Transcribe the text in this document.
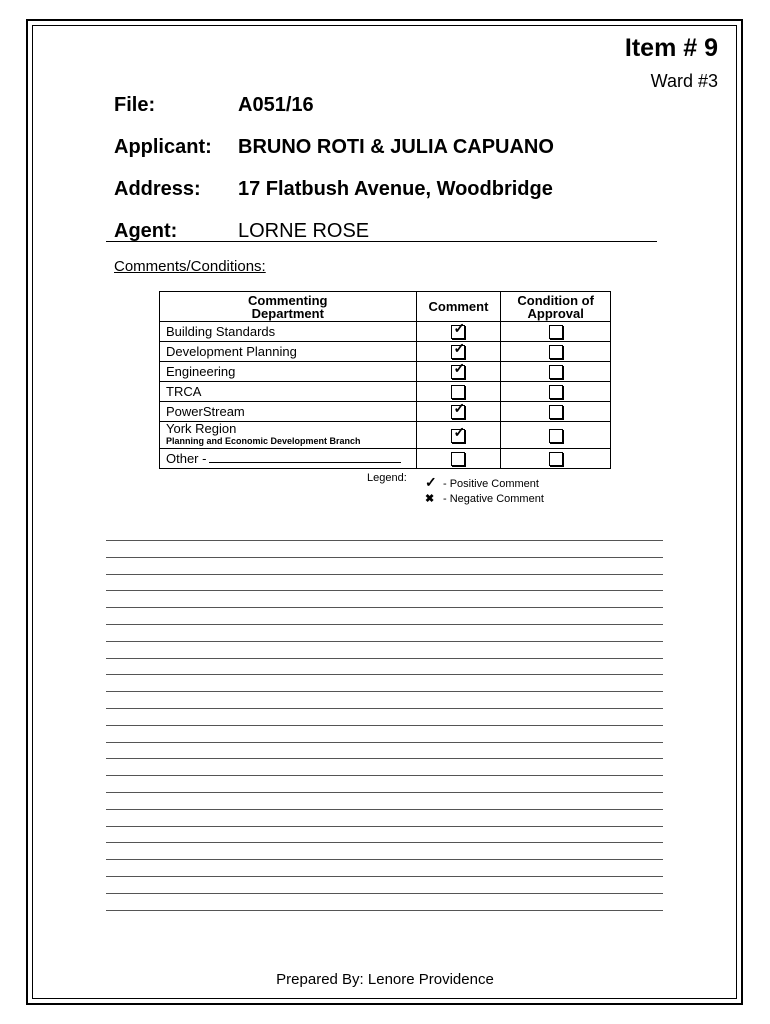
Item # 9
Ward #3
File:	A051/16
Applicant: BRUNO ROTI & JULIA CAPUANO
Address: 17 Flatbush Avenue, Woodbridge
Agent:	LORNE ROSE
Comments/Conditions:
Commenting
Department	Comment	Condition of
Approval
Building Standards	✓	

Development Planning	✓	

Engineering	✓	

TRCA		
PowerStream	✓	

York Region
Planning and Economic Development Branch	✓	

Other -		
Legend: ✓ - Positive Comment
✖ - Negative Comment
Prepared By: Lenore Providence
